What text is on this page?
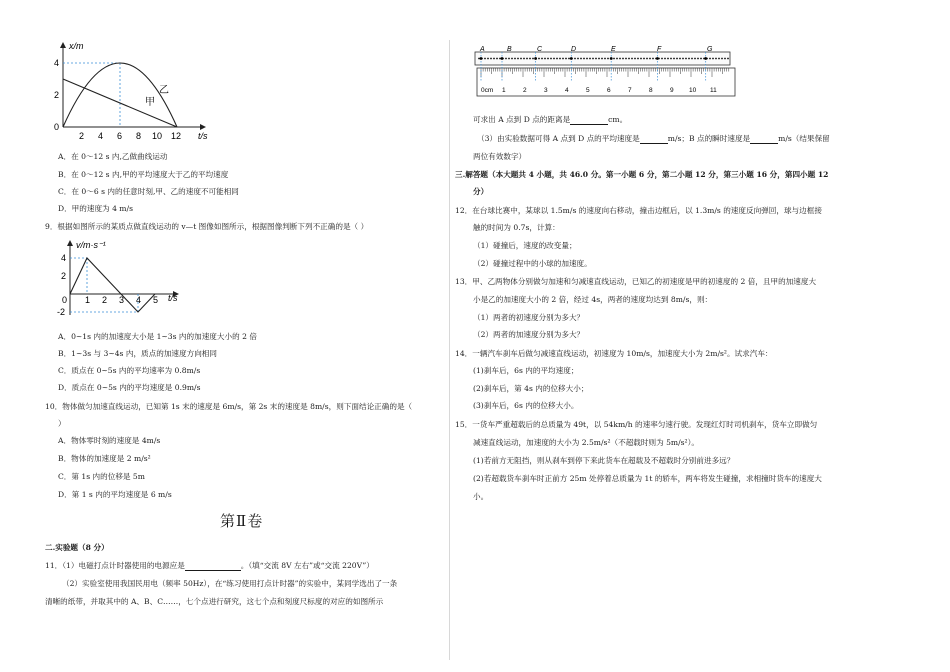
x/m
t/s
0
2
4
2 4 6 8 10 12
甲
乙
A．在 0～12 s 内,乙做曲线运动
B．在 0～12 s 内,甲的平均速度大于乙的平均速度
C．在 0～6 s 内的任意时刻,甲、乙的速度不可能相同
D．甲的速度为 4 m/s
9．根据如图所示的某质点做直线运动的 v—t 图像如图所示，根据图像判断下列不正确的是（ ）
v/m·s⁻¹
t/s
0
4
2
-2
1 2 3 4 5
A．0~1s 内的加速度大小是 1~3s 内的加速度大小的 2 倍
B．1~3s 与 3~4s 内，质点的加速度方向相同
C．质点在 0~5s 内的平均速率为 0.8m/s
D．质点在 0~5s 内的平均速度是 0.9m/s
10．物体做匀加速直线运动，已知第 1s 末的速度是 6m/s，第 2s 末的速度是 8m/s，则下面结论正确的是（
）
A．物体零时刻的速度是 4m/s
B．物体的加速度是 2 m/s²
C．第 1s 内的位移是 5m
D．第 1 s 内的平均速度是 6 m/s
第Ⅱ卷
二.实验题（8 分）
11．（1）电磁打点计时器使用的电源应是	。（填“交流 8V 左右”或“交流 220V”）
（2）实验室使用我国民用电（频率 50Hz），在“练习使用打点计时器”的实验中，某同学选出了一条
清晰的纸带，并取其中的 A、B、C……，七个点进行研究，这七个点和刻度尺标度的对应的如图所示
A	B	C	D	E	F	G
0cm 1	2	3	4	5	6	7	8	9 10 11
可求出 A 点到 D 点的距离是	cm。
（3）由实验数据可得 A 点到 D 点的平均速度是	m/s；B 点的瞬时速度是	m/s（结果保留
两位有效数字）
三.解答题（本大题共 4 小题，共 46.0 分。第一小题 6 分，第二小题 12 分，第三小题 16 分，第四小题 12
分）
12．在台球比赛中，某球以 1.5m/s 的速度向右移动，撞击边框后，以 1.3m/s 的速度反向弹回，球与边框接
触的时间为 0.7s，计算：
（1）碰撞后，速度的改变量；
（2）碰撞过程中的小球的加速度。
13．甲、乙两物体分别做匀加速和匀减速直线运动，已知乙的初速度是甲的初速度的 2 倍，且甲的加速度大
小是乙的加速度大小的 2 倍，经过 4s，两者的速度均达到 8m/s，则：
（1）两者的初速度分别为多大？
（2）两者的加速度分别为多大？
14．一辆汽车刹车后做匀减速直线运动，初速度为 10m/s，加速度大小为 2m/s²。试求汽车：
(1)刹车后，6s 内的平均速度；
(2)刹车后，第 4s 内的位移大小；
(3)刹车后，6s 内的位移大小。
15．一货车严重超载后的总质量为 49t，以 54km/h 的速率匀速行驶。发现红灯时司机刹车，货车立即做匀
减速直线运动，加速度的大小为 2.5m/s²（不超载时则为 5m/s²）。
(1)若前方无阻挡，则从刹车到停下来此货车在超载及不超载时分别前进多远？
(2)若超载货车刹车时正前方 25m 处停着总质量为 1t 的轿车，两车将发生碰撞，求相撞时货车的速度大
小。
